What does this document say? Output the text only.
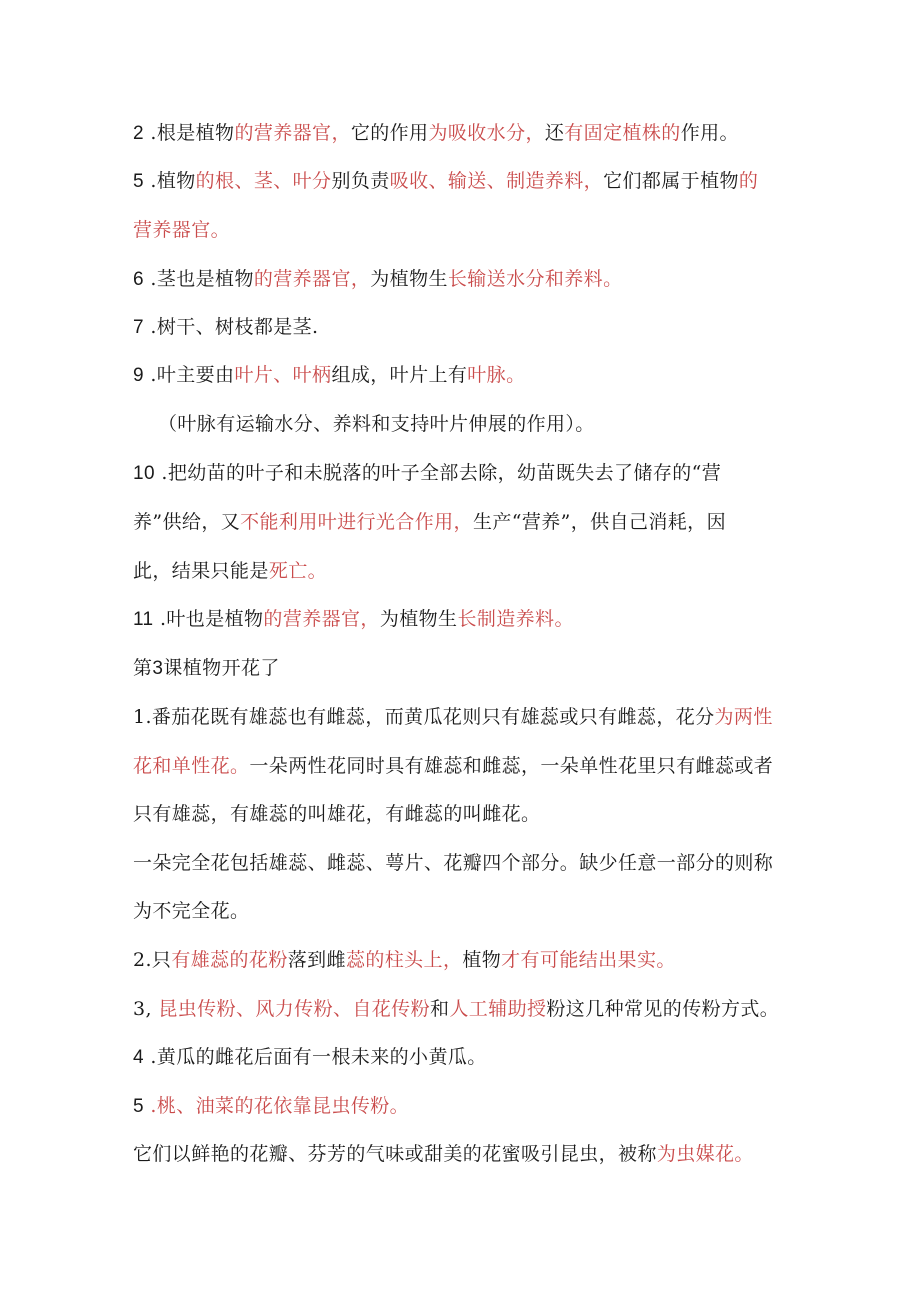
2 .根是植物的营养器官，它的作用为吸收水分，还有固定植株的作用。
5 .植物的根、茎、叶分别负责吸收、输送、制造养料，它们都属于植物的
营养器官。
6 .茎也是植物的营养器官，为植物生长输送水分和养料。
7 .树干、树枝都是茎.
9 .叶主要由叶片、叶柄组成，叶片上有叶脉。
（叶脉有运输水分、养料和支持叶片伸展的作用）。
10 .把幼苗的叶子和未脱落的叶子全部去除，幼苗既失去了储存的“营
养”供给，又不能利用叶进行光合作用，生产“营养”，供自己消耗，因
此，结果只能是死亡。
11 .叶也是植物的营养器官，为植物生长制造养料。
第3课植物开花了
1.番茄花既有雄蕊也有雌蕊，而黄瓜花则只有雄蕊或只有雌蕊，花分为两性
花和单性花。一朵两性花同时具有雄蕊和雌蕊，一朵单性花里只有雌蕊或者
只有雄蕊，有雄蕊的叫雄花，有雌蕊的叫雌花。
一朵完全花包括雄蕊、雌蕊、萼片、花瓣四个部分。缺少任意一部分的则称
为不完全花。
2.只有雄蕊的花粉落到雌蕊的柱头上，植物才有可能结出果实。
3, 昆虫传粉、风力传粉、自花传粉和人工辅助授粉这几种常见的传粉方式。
4 .黄瓜的雌花后面有一根未来的小黄瓜。
5 .桃、油菜的花依靠昆虫传粉。
它们以鲜艳的花瓣、芬芳的气味或甜美的花蜜吸引昆虫，被称为虫媒花。
